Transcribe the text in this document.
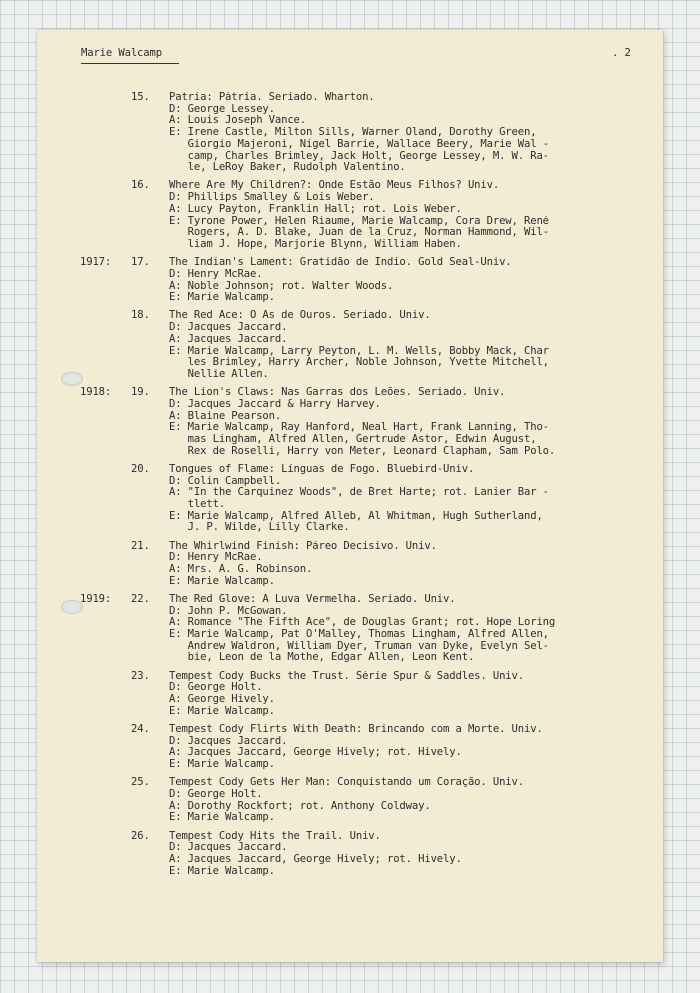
Marie Walcamp	. 2
15. Patria: Pátria. Seriado. Wharton.
D: George Lessey.
A: Louis Joseph Vance.
E: Irene Castle, Milton Sills, Warner Oland, Dorothy Green,
Giorgio Majeroni, Nigel Barrie, Wallace Beery, Marie Wal -
camp, Charles Brimley, Jack Holt, George Lessey, M. W. Ra-
le, LeRoy Baker, Rudolph Valentino.
16. Where Are My Children?: Onde Estão Meus Filhos? Univ.
D: Phillips Smalley & Lois Weber.
A: Lucy Payton, Franklin Hall; rot. Lois Weber.
E: Tyrone Power, Helen Riaume, Marie Walcamp, Cora Drew, René
Rogers, A. D. Blake, Juan de la Cruz, Norman Hammond, Wil-
liam J. Hope, Marjorie Blynn, William Haben.
1917: 17. The Indian's Lament: Gratidão de Índio. Gold Seal-Univ.
D: Henry McRae.
A: Noble Johnson; rot. Walter Woods.
E: Marie Walcamp.
18. The Red Ace: O Ás de Ouros. Seriado. Univ.
D: Jacques Jaccard.
A: Jacques Jaccard.
E: Marie Walcamp, Larry Peyton, L. M. Wells, Bobby Mack, Char
les Brimley, Harry Archer, Noble Johnson, Yvette Mitchell,
Nellie Allen.
1918: 19. The Lion's Claws: Nas Garras dos Leões. Seriado. Univ.
D: Jacques Jaccard & Harry Harvey.
A: Blaine Pearson.
E: Marie Walcamp, Ray Hanford, Neal Hart, Frank Lanning, Tho-
mas Lingham, Alfred Allen, Gertrude Astor, Edwin August,
Rex de Roselli, Harry von Meter, Leonard Clapham, Sam Polo.
20. Tongues of Flame: Línguas de Fogo. Bluebird-Univ.
D: Colin Campbell.
A: "In the Carquinez Woods", de Bret Harte; rot. Lanier Bar -
tlett.
E: Marie Walcamp, Alfred Alleb, Al Whitman, Hugh Sutherland,
J. P. Wilde, Lilly Clarke.
21. The Whirlwind Finish: Páreo Decisivo. Univ.
D: Henry McRae.
A: Mrs. A. G. Robinson.
E: Marie Walcamp.
1919: 22. The Red Glove: A Luva Vermelha. Seriado. Univ.
D: John P. McGowan.
A: Romance "The Fifth Ace", de Douglas Grant; rot. Hope Loring
E: Marie Walcamp, Pat O'Malley, Thomas Lingham, Alfred Allen,
Andrew Waldron, William Dyer, Truman van Dyke, Evelyn Sel-
bie, Leon de la Mothe, Edgar Allen, Leon Kent.
23. Tempest Cody Bucks the Trust. Série Spur & Saddles. Univ.
D: George Holt.
A: George Hively.
E: Marie Walcamp.
24. Tempest Cody Flirts With Death: Brincando com a Morte. Univ.
D: Jacques Jaccard.
A: Jacques Jaccard, George Hively; rot. Hively.
E: Marie Walcamp.
25. Tempest Cody Gets Her Man: Conquistando um Coração. Univ.
D: George Holt.
A: Dorothy Rockfort; rot. Anthony Coldway.
E: Marie Walcamp.
26. Tempest Cody Hits the Trail. Univ.
D: Jacques Jaccard.
A: Jacques Jaccard, George Hively; rot. Hively.
E: Marie Walcamp.
